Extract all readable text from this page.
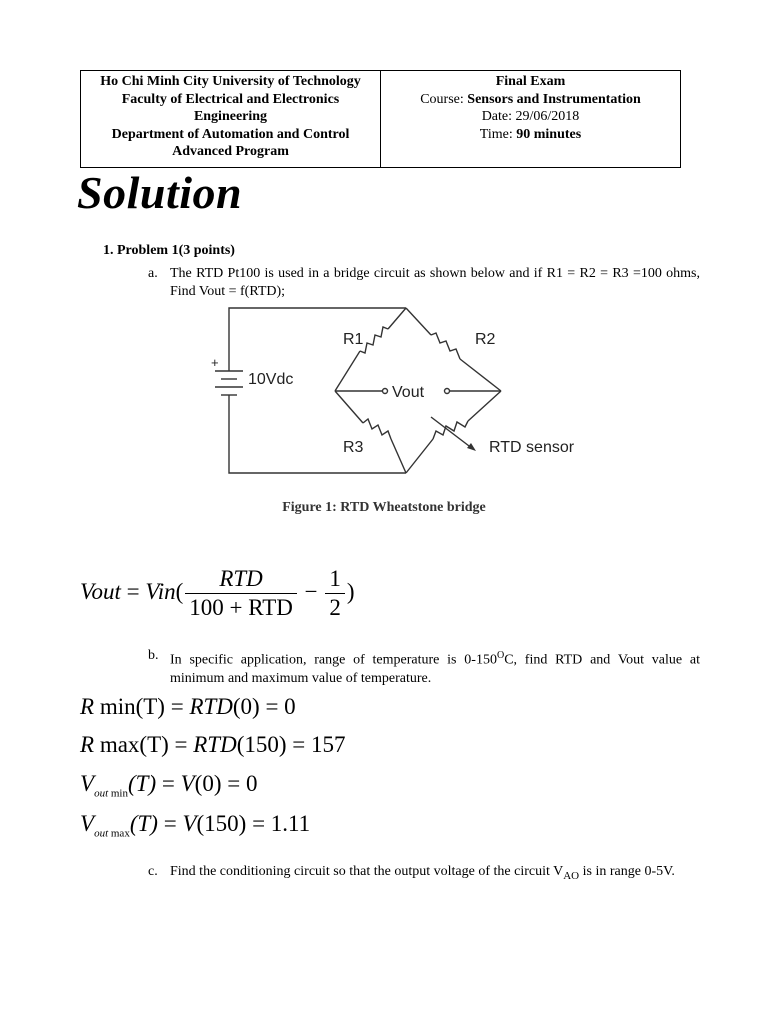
Ho Chi Minh City University of Technology
Faculty of Electrical and Electronics
Engineering
Department of Automation and Control
Advanced Program
Final Exam
Course: Sensors and Instrumentation
Date: 29/06/2018
Time: 90 minutes
Solution
1. Problem 1(3 points)
a. The RTD Pt100 is used in a bridge circuit as shown below and if R1 = R2 = R3 =100 ohms, Find Vout = f(RTD);
R1	R2
R3
+
10Vdc
Vout
RTD sensor
Figure 1: RTD Wheatstone bridge
Vout = $Vin( \frac{\text{RTD}}{\text{100 + RTD}} - \frac{1}{2}$ )
b. In specific application, range of temperature is $0-150^OC$, find RTD and Vout value at minimum and maximum value of temperature.
R min(T) = RTD(0) = 0
R max(T) = RTD(150) = 157
$V_{out min}(T) = V(0) = 0$
$V_{out max}(T) = V(150) = 1.11$
c. Find the conditioning circuit so that the output voltage of the circuit $V_{AO}$ is in range 0-5V.
